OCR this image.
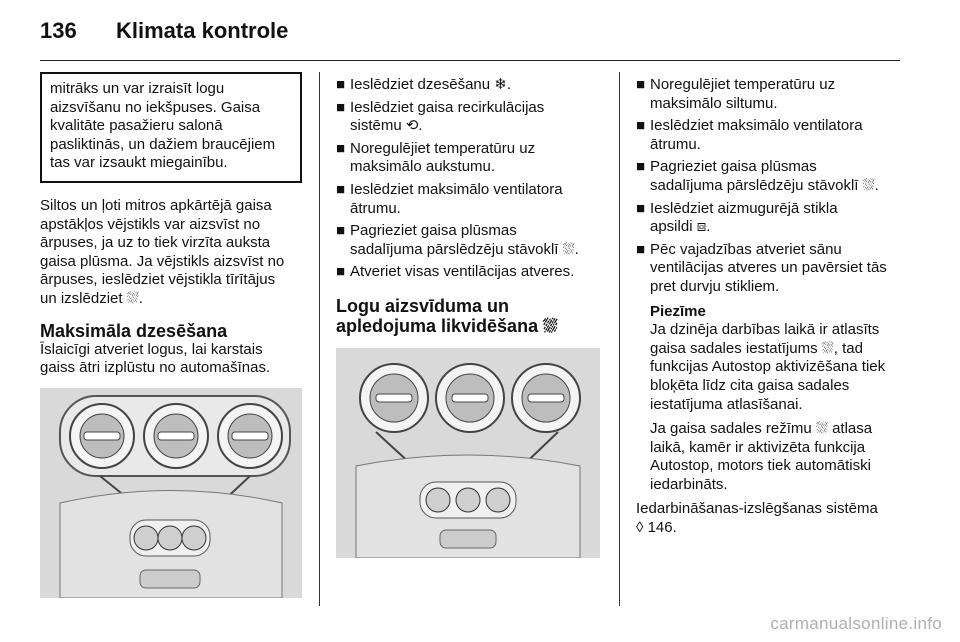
136 Klimata kontrole
mitrāks un var izraisīt logu
aizsvīšanu no iekšpuses. Gaisa
kvalitāte pasažieru salonā
pasliktinās, un dažiem braucējiem
tas var izsaukt miegainību.

Siltos un ļoti mitros apkārtējā gaisa
apstākļos vējstikls var aizsvīst no
ārpuses, ja uz to tiek virzīta auksta
gaisa plūsma. Ja vējstikls aizsvīst no
ārpuses, ieslēdziet vējstikla tīrītājus
un izslēdziet ⛆.

Maksimāla dzesēšana

Īslaicīgi atveriet logus, lai karstais
gaiss ātri izplūstu no automašīnas.

■ Ieslēdziet dzesēšanu ❄.
■ Ieslēdziet gaisa recirkulācijas
sistēmu ⟲.
■ Noregulējiet temperatūru uz
maksimālo aukstumu.
■ Ieslēdziet maksimālo ventilatora
ātrumu.
■ Pagrieziet gaisa plūsmas
sadalījuma pārslēdzēju stāvoklī ⛆.
■ Atveriet visas ventilācijas atveres.

Logu aizsvīduma un
apledojuma likvidēšana ⛆

■ Noregulējiet temperatūru uz
maksimālo siltumu.
■ Ieslēdziet maksimālo ventilatora
ātrumu.
■ Pagrieziet gaisa plūsmas
sadalījuma pārslēdzēju stāvoklī ⛆.
■ Ieslēdziet aizmugurējā stikla
apsildi ⧈.
■ Pēc vajadzības atveriet sānu
ventilācijas atveres un pavērsiet tās
pret durvju stikliem.

Piezīme

Ja dzinēja darbības laikā ir atlasīts
gaisa sadales iestatījums ⛆, tad
funkcijas Autostop aktivizēšana tiek
bloķēta līdz cita gaisa sadales
iestatījuma atlasīšanai.

Ja gaisa sadales režīmu ⛆ atlasa
laikā, kamēr ir aktivizēta funkcija
Autostop, motors tiek automātiski
iedarbināts.

Iedarbināšanas-izslēgšanas sistēma
◊ 146.

carmanualsonline.info
